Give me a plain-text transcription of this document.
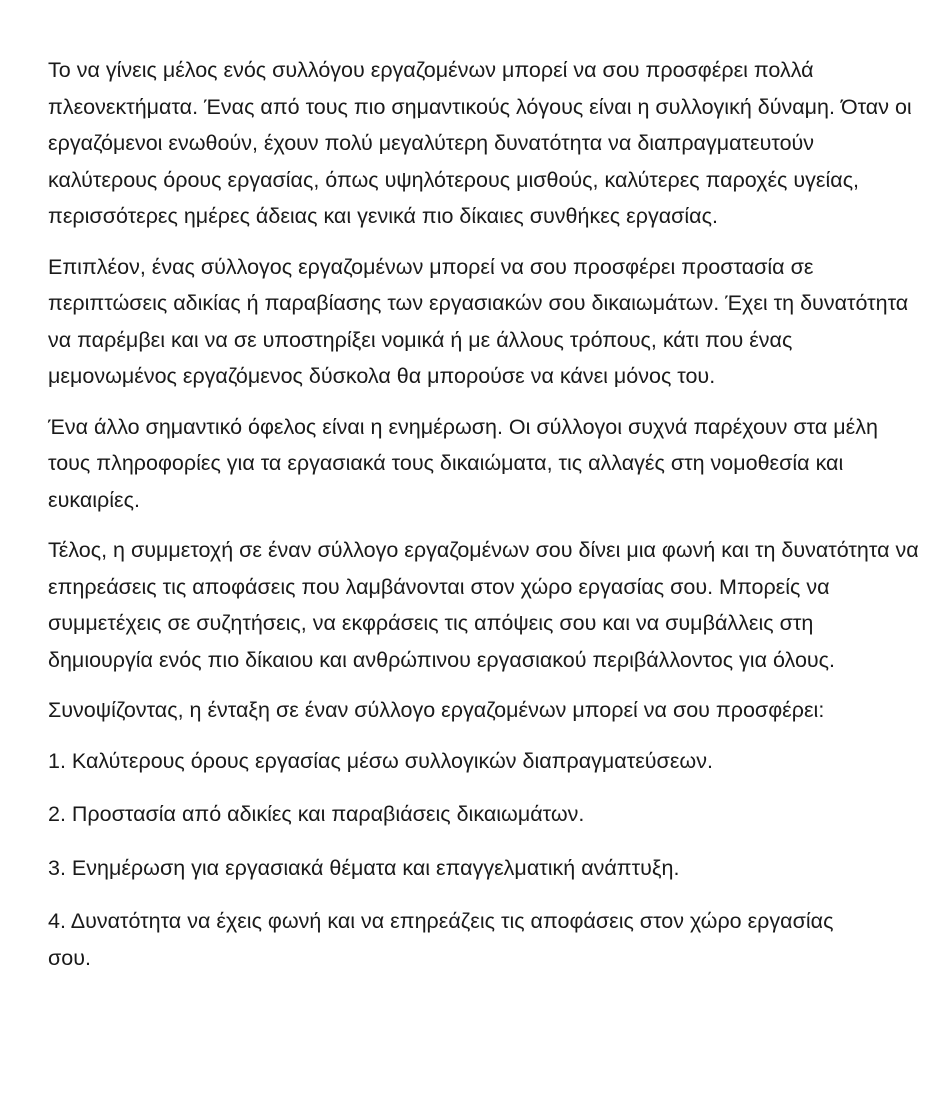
Το να γίνεις μέλος ενός συλλόγου εργαζομένων μπορεί να σου προσφέρει πολλά πλεονεκτήματα. Ένας από τους πιο σημαντικούς λόγους είναι η συλλογική δύναμη. Όταν οι εργαζόμενοι ενωθούν, έχουν πολύ μεγαλύτερη δυνατότητα να διαπραγματευτούν καλύτερους όρους εργασίας, όπως υψηλότερους μισθούς, καλύτερες παροχές υγείας, περισσότερες ημέρες άδειας και γενικά πιο δίκαιες συνθήκες εργασίας.

Επιπλέον, ένας σύλλογος εργαζομένων μπορεί να σου προσφέρει προστασία σε περιπτώσεις αδικίας ή παραβίασης των εργασιακών σου δικαιωμάτων. Έχει τη δυνατότητα να παρέμβει και να σε υποστηρίξει νομικά ή με άλλους τρόπους, κάτι που ένας μεμονωμένος εργαζόμενος δύσκολα θα μπορούσε να κάνει μόνος του.

Ένα άλλο σημαντικό όφελος είναι η ενημέρωση. Οι σύλλογοι συχνά παρέχουν στα μέλη τους πληροφορίες για τα εργασιακά τους δικαιώματα, τις αλλαγές στη νομοθεσία και ευκαιρίες.

Τέλος, η συμμετοχή σε έναν σύλλογο εργαζομένων σου δίνει μια φωνή και τη δυνατότητα να επηρεάσεις τις αποφάσεις που λαμβάνονται στον χώρο εργασίας σου. Μπορείς να συμμετέχεις σε συζητήσεις, να εκφράσεις τις απόψεις σου και να συμβάλλεις στη δημιουργία ενός πιο δίκαιου και ανθρώπινου εργασιακού περιβάλλοντος για όλους.

Συνοψίζοντας, η ένταξη σε έναν σύλλογο εργαζομένων μπορεί να σου προσφέρει:

1. Καλύτερους όρους εργασίας μέσω συλλογικών διαπραγματεύσεων.

2. Προστασία από αδικίες και παραβιάσεις δικαιωμάτων.

3. Ενημέρωση για εργασιακά θέματα και επαγγελματική ανάπτυξη.

4. Δυνατότητα να έχεις φωνή και να επηρεάζεις τις αποφάσεις στον χώρο εργασίας σου.
